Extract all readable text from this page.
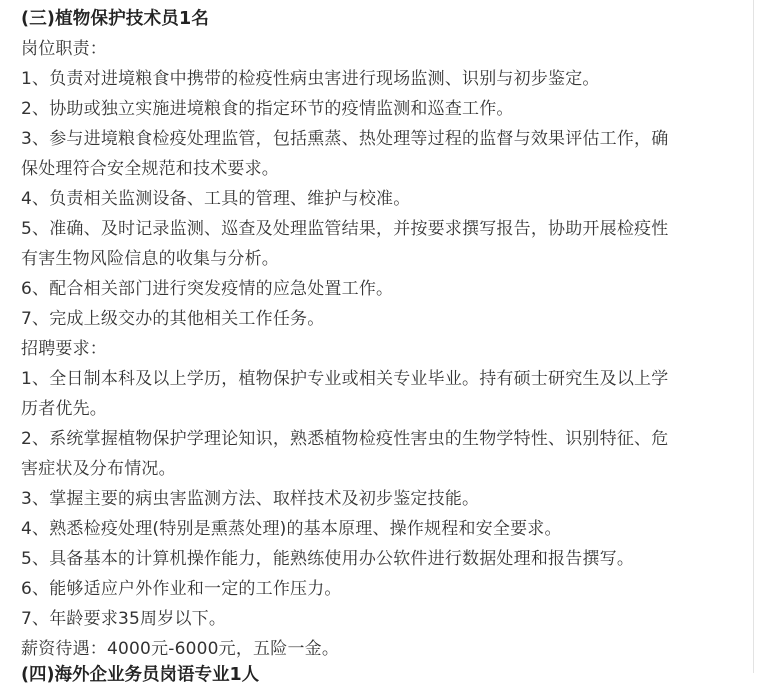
(三)植物保护技术员1名
岗位职责：
1、负责对进境粮食中携带的检疫性病虫害进行现场监测、识别与初步鉴定。
2、协助或独立实施进境粮食的指定环节的疫情监测和巡查工作。
3、参与进境粮食检疫处理监管，包括熏蒸、热处理等过程的监督与效果评估工作，确
保处理符合安全规范和技术要求。
4、负责相关监测设备、工具的管理、维护与校准。
5、准确、及时记录监测、巡查及处理监管结果，并按要求撰写报告，协助开展检疫性
有害生物风险信息的收集与分析。
6、配合相关部门进行突发疫情的应急处置工作。
7、完成上级交办的其他相关工作任务。
招聘要求：
1、全日制本科及以上学历，植物保护专业或相关专业毕业。持有硕士研究生及以上学
历者优先。
2、系统掌握植物保护学理论知识，熟悉植物检疫性害虫的生物学特性、识别特征、危
害症状及分布情况。
3、掌握主要的病虫害监测方法、取样技术及初步鉴定技能。
4、熟悉检疫处理(特别是熏蒸处理)的基本原理、操作规程和安全要求。
5、具备基本的计算机操作能力，能熟练使用办公软件进行数据处理和报告撰写。
6、能够适应户外作业和一定的工作压力。
7、年龄要求35周岁以下。
薪资待遇：4000元-6000元，五险一金。
(四)海外企业务员岗语专业1人
